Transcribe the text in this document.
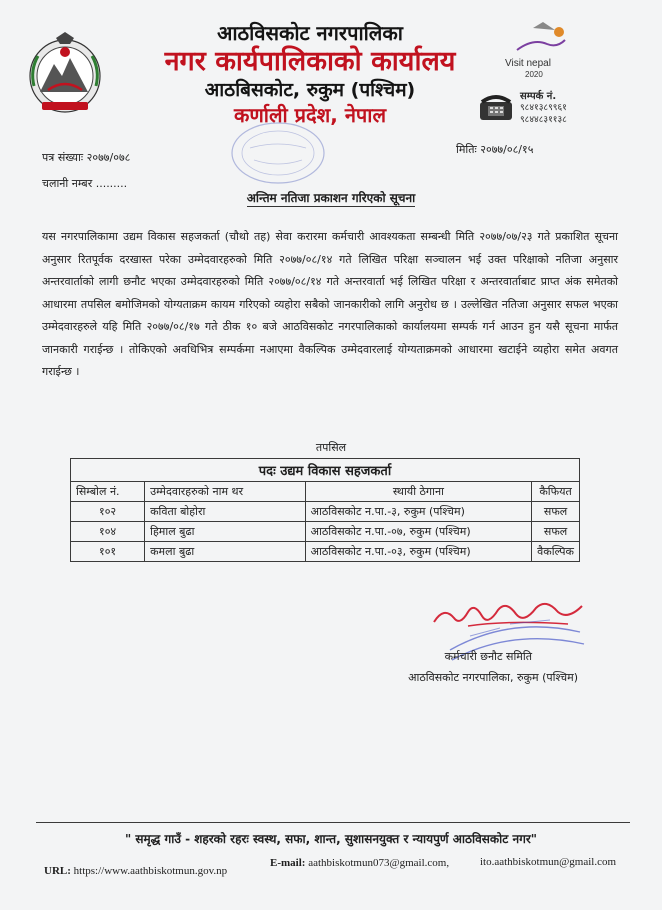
आठविसकोट नगरपालिका
नगर कार्यपालिकाको कार्यालय
आठबिसकोट, रुकुम (पश्चिम)
कर्णाली प्रदेश, नेपाल
Visit nepal
2020
सम्पर्क नं.
९८४१३८९९६१
९८४४८३११३८
पत्र संख्याः २०७७/०७८
चलानी नम्बर .........
मितिः २०७७/०८/१५
अन्तिम नतिजा प्रकाशन गरिएको सूचना
यस नगरपालिकामा उद्यम विकास सहजकर्ता (चौथो तह) सेवा करारमा कर्मचारी आवश्यकता सम्बन्धी मिति २०७७/०७/२३ गते प्रकाशित सूचना अनुसार रितपूर्वक दरखास्त परेका उम्मेदवारहरुको मिति २०७७/०८/१४ गते लिखित परिक्षा सञ्चालन भई उक्त परिक्षाको नतिजा अनुसार अन्तरवार्ताको लागी छनौट भएका उम्मेदवारहरुको मिति २०७७/०८/१४ गते अन्तरवार्ता भई लिखित परिक्षा र अन्तरवार्ताबाट प्राप्त अंक समेतको आधारमा तपसिल बमोजिमको योग्यताक्रम कायम गरिएको व्यहोरा सबैको जानकारीको लागि अनुरोध छ । उल्लेखित नतिजा अनुसार सफल भएका उम्मेदवारहरुले यहि मिति २०७७/०८/१७ गते ठीक १० बजे आठविसकोट नगरपालिकाको कार्यालयमा सम्पर्क गर्न आउन हुन यसै सूचना मार्फत जानकारी गराईन्छ । तोकिएको अवधिभित्र सम्पर्कमा नआएमा वैकल्पिक उम्मेदवारलाई योग्यताक्रमको आधारमा खटाईने व्यहोरा समेत अवगत गराईन्छ ।
तपसिल
पदः उद्यम विकास सहजकर्ता			
सिम्बोल नं.	उम्मेदवारहरुको नाम थर	स्थायी ठेगाना	कैफियत
१०२	कविता बोहोरा	आठविसकोट न.पा.-३, रुकुम (पश्चिम)	सफल
१०४	हिमाल बुढा	आठविसकोट न.पा.-०७, रुकुम (पश्चिम)	सफल
१०१	कमला बुढा	आठविसकोट न.पा.-०३, रुकुम (पश्चिम)	वैकल्पिक
कर्मचारी छनौट समिति
आठविसकोट नगरपालिका, रुकुम (पश्चिम)
" समृद्ध गाउँ - शहरको रहरः स्वस्थ, सफा, शान्त, सुशासनयुक्त र न्यायपुर्ण आठविसकोट नगर"
URL: https://www.aathbiskotmun.gov.np
E-mail: aathbiskotmun073@gmail.com,	ito.aathbiskotmun@gmail.com
